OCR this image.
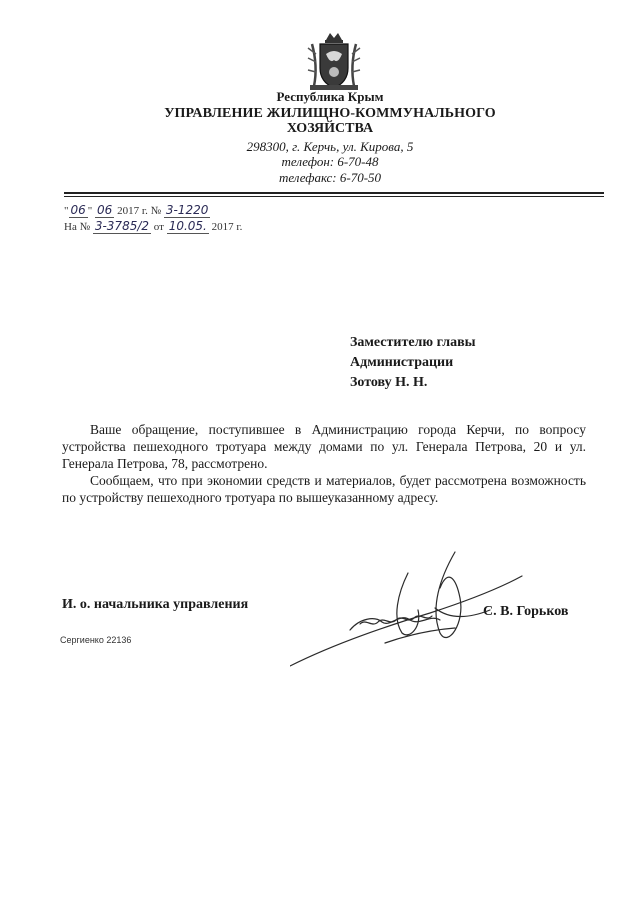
Республика Крым
УПРАВЛЕНИЕ ЖИЛИЩНО-КОММУНАЛЬНОГО
ХОЗЯЙСТВА
298300, г. Керчь, ул. Кирова, 5
телефон: 6-70-48
телефакс: 6-70-50
" 06 " 06 2017 г. № 3-1220
На № 3-3785/2 от 10.05. 2017 г.
Заместителю главы
Администрации
Зотову Н. Н.

Ваше обращение, поступившее в Администрацию города Керчи, по вопросу устройства пешеходного тротуара между домами по ул. Генерала Петрова, 20 и ул. Генерала Петрова, 78, рассмотрено.

Сообщаем, что при экономии средств и материалов, будет рассмотрена возможность по устройству пешеходного тротуара по вышеуказанному адресу.

И. о. начальника управления	С. В. Горьков
Сергиенко 22136
